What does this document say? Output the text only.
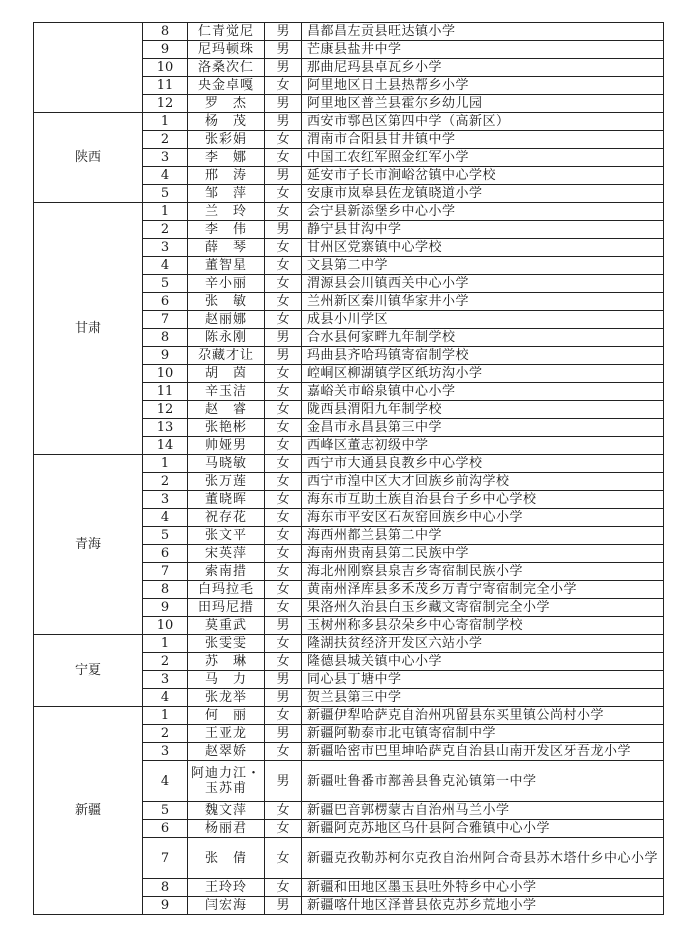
	8	仁青觉尼	男	昌都昌左贡县旺达镇小学
	9	尼玛顿珠	男	芒康县盐井中学
	10	洛桑次仁	男	那曲尼玛县卓瓦乡小学
	11	央金卓嘎	女	阿里地区日土县热帮乡小学
	12	罗　杰	男	阿里地区普兰县霍尔乡幼儿园
陕西	1	杨　茂	男	西安市鄠邑区第四中学（高新区）
	2	张彩娟	女	渭南市合阳县甘井镇中学
	3	李　娜	女	中国工农红军照金红军小学
	4	邢　涛	男	延安市子长市涧峪岔镇中心学校
	5	邹　萍	女	安康市岚皋县佐龙镇晓道小学
甘肃	1	兰　玲	女	会宁县新添堡乡中心小学
	2	李　伟	男	静宁县甘沟中学
	3	薛　琴	女	甘州区党寨镇中心学校
	4	董智星	女	文县第二中学
	5	辛小丽	女	渭源县会川镇西关中心小学
	6	张　敏	女	兰州新区秦川镇华家井小学
	7	赵丽娜	女	成县小川学区
	8	陈永刚	男	合水县何家畔九年制学校
	9	尕藏才让	男	玛曲县齐哈玛镇寄宿制学校
	10	胡　茵	女	崆峒区柳湖镇学区纸坊沟小学
	11	辛玉洁	女	嘉峪关市峪泉镇中心小学
	12	赵　睿	女	陇西县渭阳九年制学校
	13	张艳彬	女	金昌市永昌县第三中学
	14	帅娅男	女	西峰区董志初级中学
青海	1	马晓敏	女	西宁市大通县良教乡中心学校
	2	张万莲	女	西宁市湟中区大才回族乡前沟学校
	3	董晓晖	女	海东市互助土族自治县台子乡中心学校
	4	祝存花	女	海东市平安区石灰窑回族乡中心小学
	5	张文平	女	海西州都兰县第二中学
	6	宋英萍	女	海南州贵南县第二民族中学
	7	索南措	女	海北州刚察县泉吉乡寄宿制民族小学
	8	白玛拉毛	女	黄南州泽库县多禾茂乡万青宁寄宿制完全小学
	9	田玛尼措	女	果洛州久治县白玉乡藏文寄宿制完全小学
	10	莫重武	男	玉树州称多县尕朵乡中心寄宿制学校
宁夏	1	张雯雯	女	隆湖扶贫经济开发区六站小学
	2	苏　琳	女	隆德县城关镇中心小学
	3	马　力	男	同心县丁塘中学
	4	张龙举	男	贺兰县第三中学
新疆	1	何　丽	女	新疆伊犁哈萨克自治州巩留县东买里镇公尚村小学
	2	王亚龙	男	新疆阿勒泰市北屯镇寄宿制中学
	3	赵翠娇	女	新疆哈密市巴里坤哈萨克自治县山南开发区牙吾龙小学
	4	阿迪力江・玉苏甫	男	新疆吐鲁番市鄯善县鲁克沁镇第一中学
	5	魏文萍	女	新疆巴音郭楞蒙古自治州马兰小学
	6	杨丽君	女	新疆阿克苏地区乌什县阿合雅镇中心小学
	7	张　倩	女	新疆克孜勒苏柯尔克孜自治州阿合奇县苏木塔什乡中心小学
	8	王玲玲	女	新疆和田地区墨玉县吐外特乡中心小学
	9	闫宏海	男	新疆喀什地区泽普县依克苏乡荒地小学
